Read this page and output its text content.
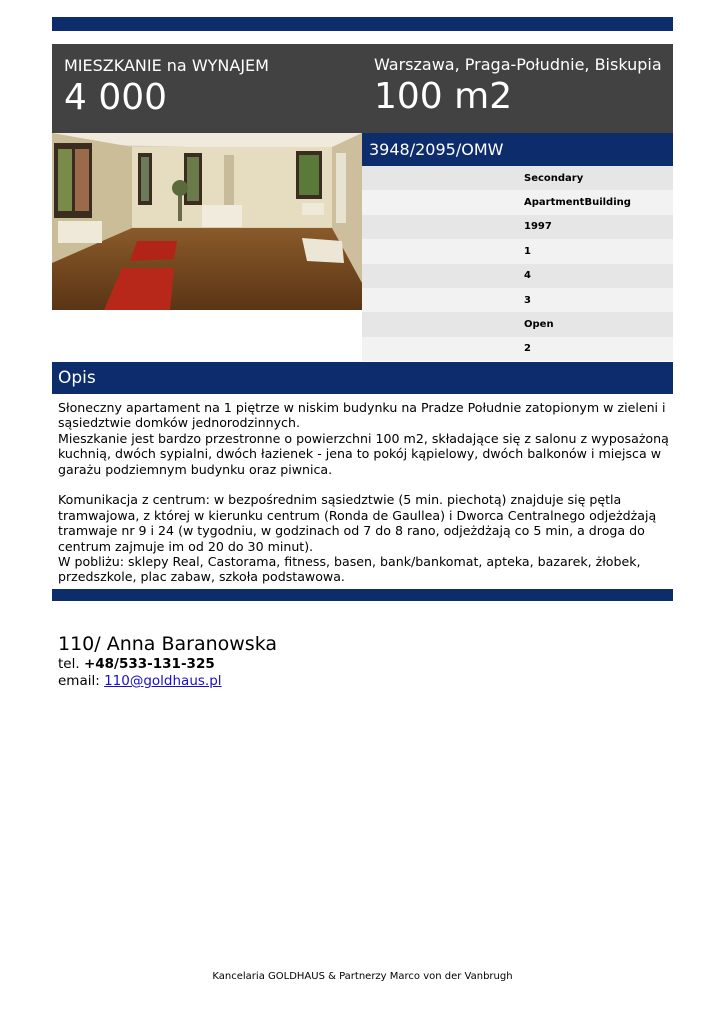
MIESZKANIE na WYNAJEM
4 000
Warszawa, Praga-Południe, Biskupia
100 m2
3948/2095/OMW
Secondary
ApartmentBuilding
1997
1
4
3
Open
2
Opis
Słoneczny apartament na 1 piętrze w niskim budynku na Pradze Południe zatopionym w zieleni i sąsiedztwie domków jednorodzinnych.
Mieszkanie jest bardzo przestronne o powierzchni 100 m2, składające się z salonu z wyposażoną kuchnią, dwóch sypialni, dwóch łazienek - jena to pokój kąpielowy, dwóch balkonów i miejsca w garażu podziemnym budynku oraz piwnica.

Komunikacja z centrum: w bezpośrednim sąsiedztwie (5 min. piechotą) znajduje się pętla tramwajowa, z której w kierunku centrum (Ronda de Gaullea) i Dworca Centralnego odjeżdżają tramwaje nr 9 i 24 (w tygodniu, w godzinach od 7 do 8 rano, odjeżdżają co 5 min, a droga do centrum zajmuje im od 20 do 30 minut).
W pobliżu: sklepy Real, Castorama, fitness, basen, bank/bankomat, apteka, bazarek, żłobek, przedszkole, plac zabaw, szkoła podstawowa.
110/ Anna Baranowska
tel. +48/533-131-325
email: 110@goldhaus.pl
Kancelaria GOLDHAUS & Partnerzy Marco von der Vanbrugh
